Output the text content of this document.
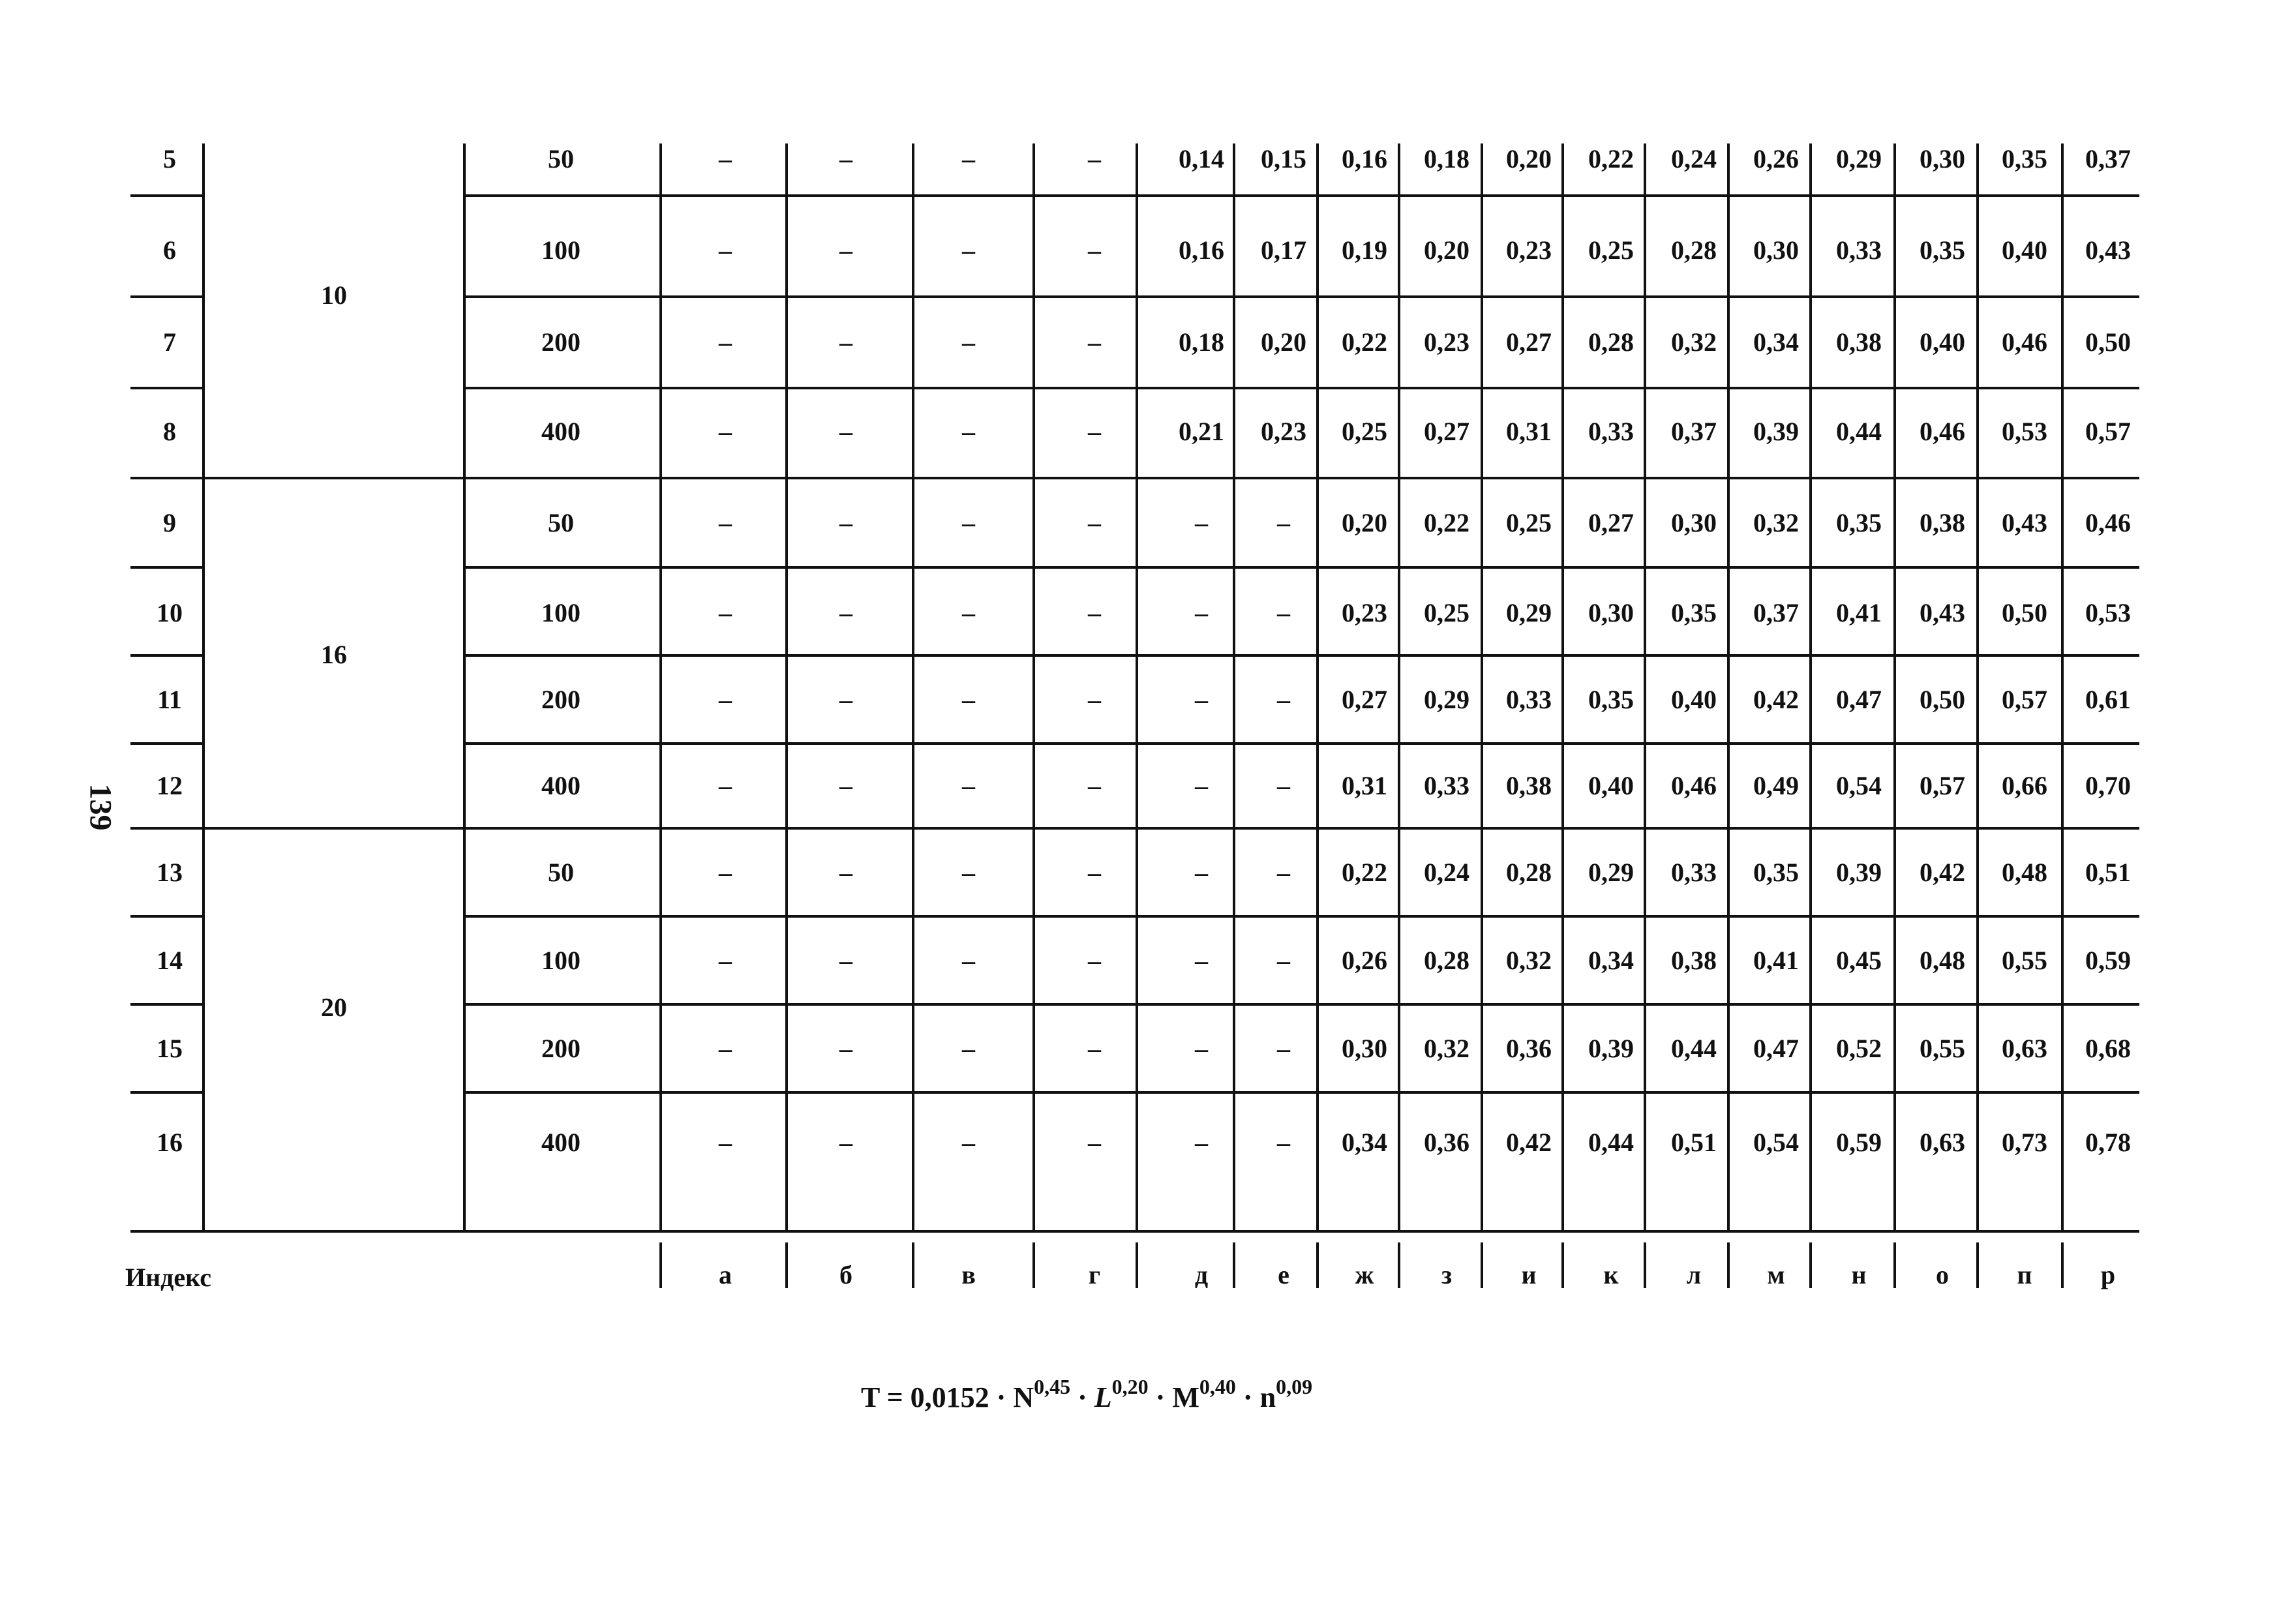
139
10
5	50	–	–	–	–	0,14 0,15 0,16 0,18 0,20 0,22 0,24 0,26 0,29 0,30 0,35 0,37
6	100	–	–	–	–	0,16 0,17 0,19 0,20 0,23 0,25 0,28 0,30 0,33 0,35 0,40 0,43
7	200	–	–	–	–	0,18 0,20 0,22 0,23 0,27 0,28 0,32 0,34 0,38 0,40 0,46 0,50
8	400	–	–	–	–	0,21 0,23 0,25 0,27 0,31 0,33 0,37 0,39 0,44 0,46 0,53 0,57
16
9	50	–	–	–	–	–	– 0,20 0,22 0,25 0,27 0,30 0,32 0,35 0,38 0,43 0,46
10	100	–	–	–	–	–	– 0,23 0,25 0,29 0,30 0,35 0,37 0,41 0,43 0,50 0,53
11	200	–	–	–	–	–	– 0,27 0,29 0,33 0,35 0,40 0,42 0,47 0,50 0,57 0,61
12	400	–	–	–	–	–	– 0,31 0,33 0,38 0,40 0,46 0,49 0,54 0,57 0,66 0,70
20
13	50	–	–	–	–	–	– 0,22 0,24 0,28 0,29 0,33 0,35 0,39 0,42 0,48 0,51
14	100	–	–	–	–	–	– 0,26 0,28 0,32 0,34 0,38 0,41 0,45 0,48 0,55 0,59
15	200	–	–	–	–	–	– 0,30 0,32 0,36 0,39 0,44 0,47 0,52 0,55 0,63 0,68
16	400	–	–	–	–	–	– 0,34 0,36 0,42 0,44 0,51 0,54 0,59 0,63 0,73 0,78
а	б	в	г	д	е	ж	з	и	к	л	м	н	о	п	р
Индекс
$T = 0,0152 \cdot N^{0,45} \cdot L^{0,20} \cdot M^{0,40} \cdot n^{0,09}$
